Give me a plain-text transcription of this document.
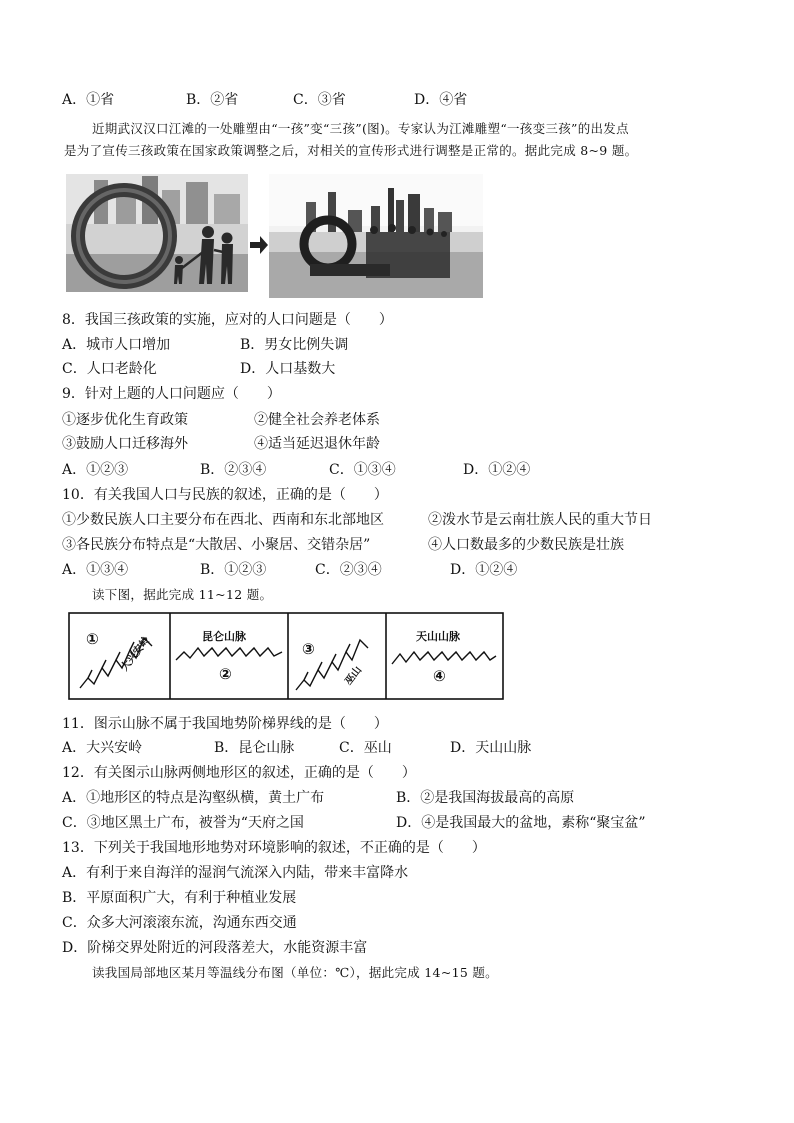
A．①省	B．②省	C．③省	D．④省
近期武汉汉口江滩的一处雕塑由“一孩”变“三孩”(图)。专家认为江滩雕塑“一孩变三孩”的出发点
是为了宣传三孩政策在国家政策调整之后，对相关的宣传形式进行调整是正常的。据此完成 8~9 题。
8．我国三孩政策的实施，应对的人口问题是（　　）
A．城市人口增加	B．男女比例失调
C．人口老龄化	D．人口基数大
9．针对上题的人口问题应（　　）
①逐步优化生育政策	②健全社会养老体系
③鼓励人口迁移海外	④适当延迟退休年龄
A．①②③	B．②③④	C．①③④	D．①②④
10．有关我国人口与民族的叙述，正确的是（　　）
①少数民族人口主要分布在西北、西南和东北部地区	②泼水节是云南壮族人民的重大节日
③各民族分布特点是“大散居、小聚居、交错杂居”	④人口数最多的少数民族是壮族
A．①③④	B．①②③	C．②③④	D．①②④
读下图，据此完成 11~12 题。
①	大兴安岭	昆仑山脉
②
③
巫山
天山山脉
④
11．图示山脉不属于我国地势阶梯界线的是（　　）
A．大兴安岭	B．昆仑山脉	C．巫山	D．天山山脉
12．有关图示山脉两侧地形区的叙述，正确的是（　　）
A．①地形区的特点是沟壑纵横，黄土广布	B．②是我国海拔最高的高原
C．③地区黑土广布，被誉为“天府之国	D．④是我国最大的盆地，素称“聚宝盆”
13．下列关于我国地形地势对环境影响的叙述，不正确的是（　　）
A．有利于来自海洋的湿润气流深入内陆，带来丰富降水
B．平原面积广大，有利于种植业发展
C．众多大河滚滚东流，沟通东西交通
D．阶梯交界处附近的河段落差大，水能资源丰富
读我国局部地区某月等温线分布图（单位：℃），据此完成 14~15 题。
